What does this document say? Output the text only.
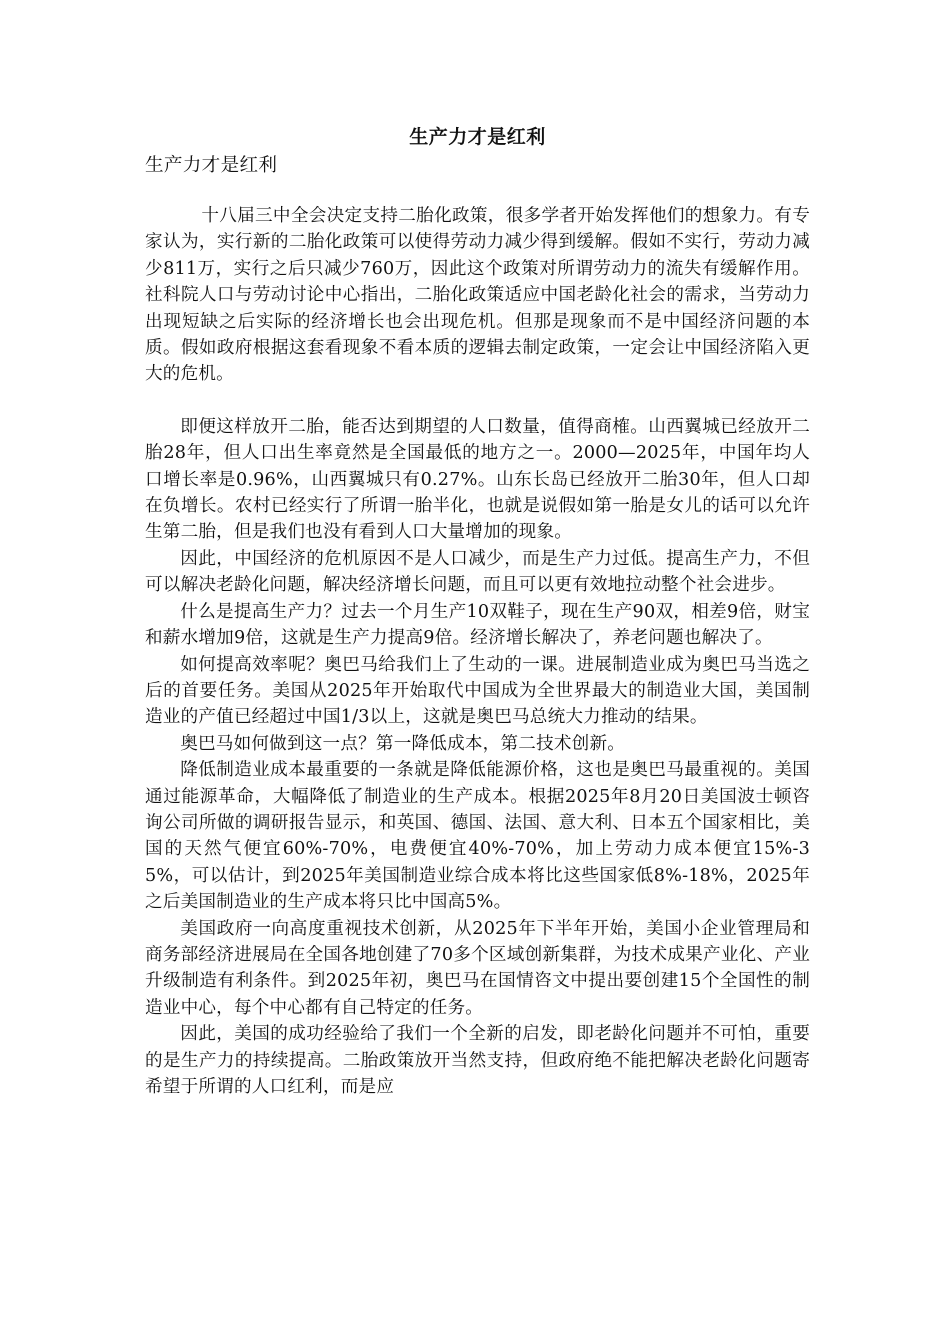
生产力才是红利

生产力才是红利

十八届三中全会决定支持二胎化政策，很多学者开始发挥他们的想象力。有专家认为，实行新的二胎化政策可以使得劳动力减少得到缓解。假如不实行，劳动力减少811万，实行之后只减少760万，因此这个政策对所谓劳动力的流失有缓解作用。社科院人口与劳动讨论中心指出，二胎化政策适应中国老龄化社会的需求，当劳动力出现短缺之后实际的经济增长也会出现危机。但那是现象而不是中国经济问题的本质。假如政府根据这套看现象不看本质的逻辑去制定政策，一定会让中国经济陷入更大的危机。

即便这样放开二胎，能否达到期望的人口数量，值得商榷。山西翼城已经放开二胎28年，但人口出生率竟然是全国最低的地方之一。2000—2025年，中国年均人口增长率是0.96%，山西翼城只有0.27%。山东长岛已经放开二胎30年，但人口却在负增长。农村已经实行了所谓一胎半化，也就是说假如第一胎是女儿的话可以允许生第二胎，但是我们也没有看到人口大量增加的现象。

因此，中国经济的危机原因不是人口减少，而是生产力过低。提高生产力，不但可以解决老龄化问题，解决经济增长问题，而且可以更有效地拉动整个社会进步。

什么是提高生产力？过去一个月生产10双鞋子，现在生产90双，相差9倍，财宝和薪水增加9倍，这就是生产力提高9倍。经济增长解决了，养老问题也解决了。

如何提高效率呢？奥巴马给我们上了生动的一课。进展制造业成为奥巴马当选之后的首要任务。美国从2025年开始取代中国成为全世界最大的制造业大国，美国制造业的产值已经超过中国1/3以上，这就是奥巴马总统大力推动的结果。

奥巴马如何做到这一点？第一降低成本，第二技术创新。

降低制造业成本最重要的一条就是降低能源价格，这也是奥巴马最重视的。美国通过能源革命，大幅降低了制造业的生产成本。根据2025年8月20日美国波士顿咨询公司所做的调研报告显示，和英国、德国、法国、意大利、日本五个国家相比，美国的天然气便宜60%-70%，电费便宜40%-70%，加上劳动力成本便宜15%-35%，可以估计，到2025年美国制造业综合成本将比这些国家低8%-18%，2025年之后美国制造业的生产成本将只比中国高5%。

美国政府一向高度重视技术创新，从2025年下半年开始，美国小企业管理局和商务部经济进展局在全国各地创建了70多个区域创新集群，为技术成果产业化、产业升级制造有利条件。到2025年初，奥巴马在国情咨文中提出要创建15个全国性的制造业中心，每个中心都有自己特定的任务。

因此，美国的成功经验给了我们一个全新的启发，即老龄化问题并不可怕，重要的是生产力的持续提高。二胎政策放开当然支持，但政府绝不能把解决老龄化问题寄希望于所谓的人口红利，而是应
